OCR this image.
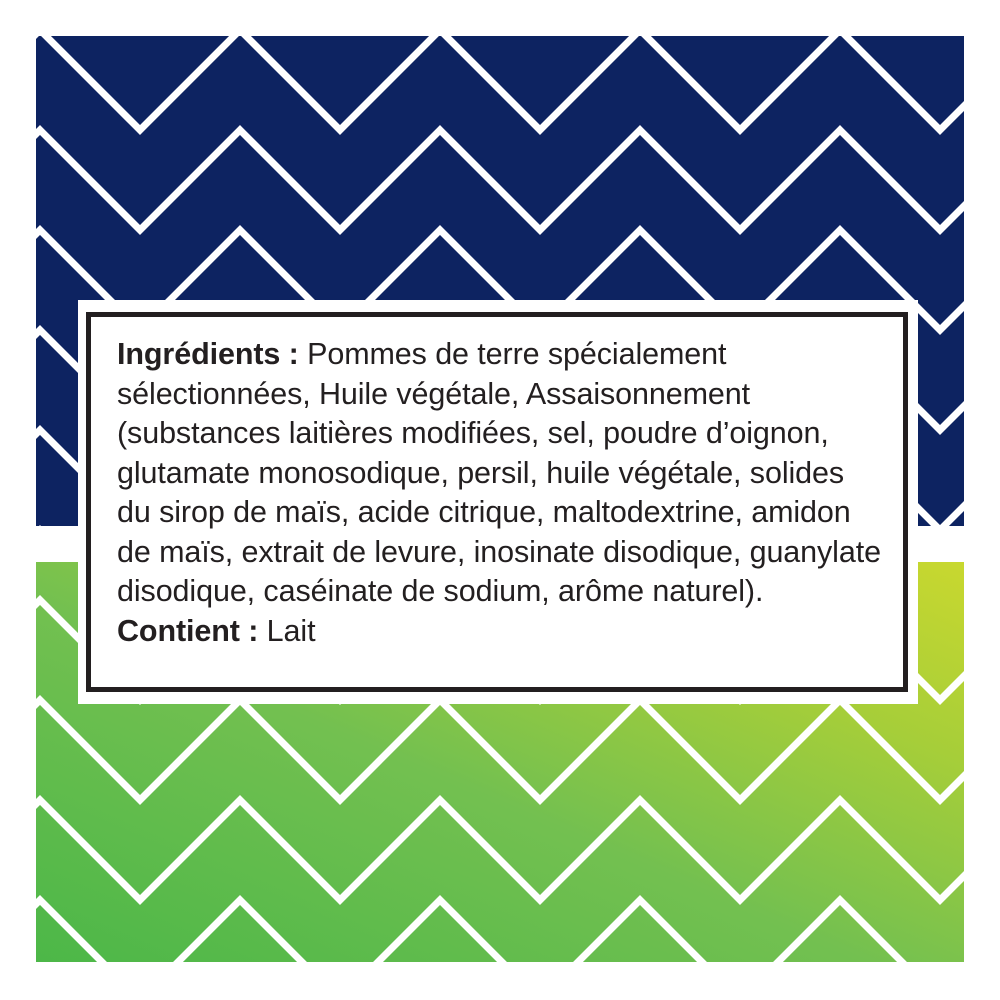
Ingrédients : Pommes de terre spécialement sélectionnées, Huile végétale, Assaisonnement (substances laitières modifiées, sel, poudre d’oignon, glutamate monosodique, persil, huile végétale, solides du sirop de maïs, acide citrique, maltodextrine, amidon de maïs, extrait de levure, inosinate disodique, guanylate disodique, caséinate de sodium, arôme naturel).

Contient : Lait
